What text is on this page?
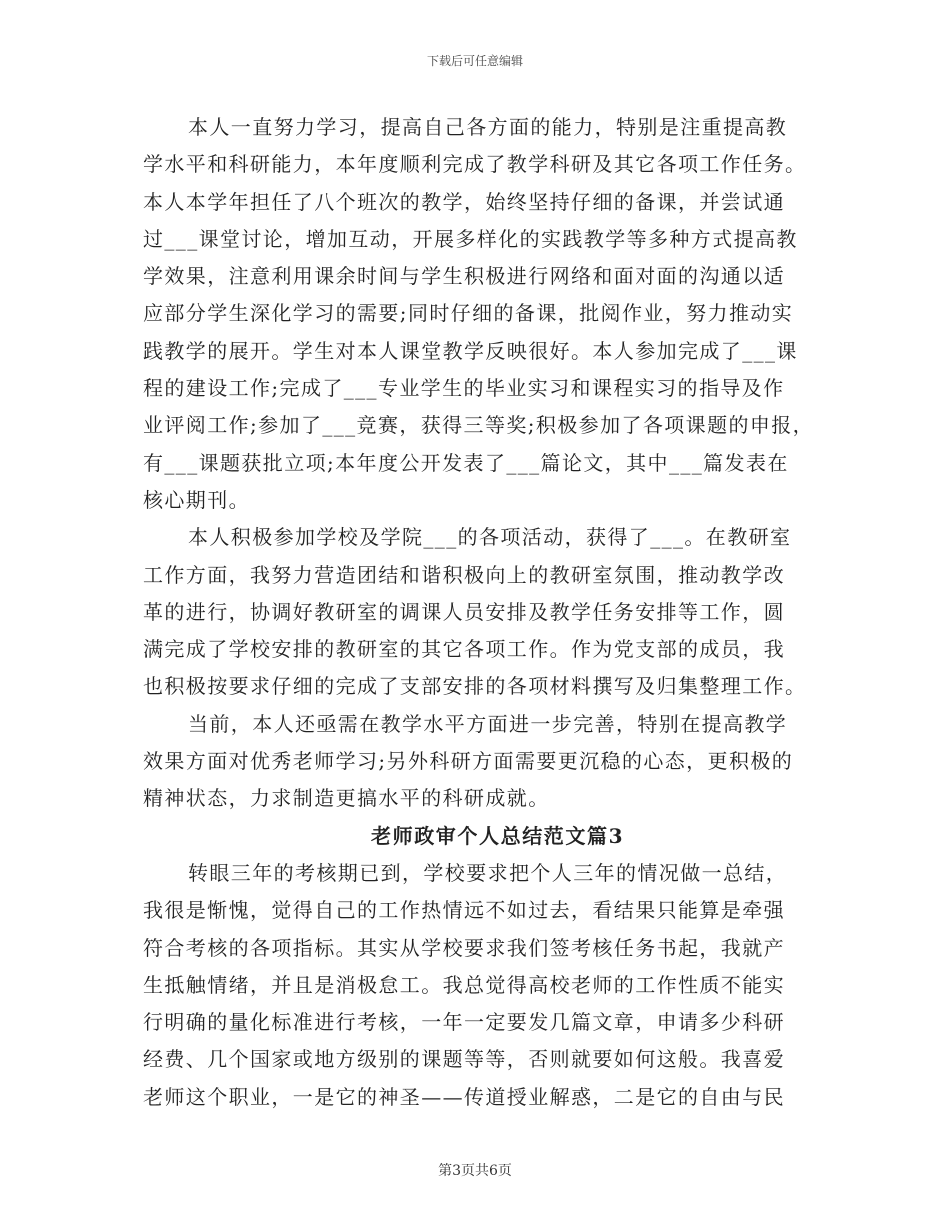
下载后可任意编辑
本人一直努力学习，提高自己各方面的能力，特别是注重提高教
学水平和科研能力，本年度顺利完成了教学科研及其它各项工作任务。
本人本学年担任了八个班次的教学，始终坚持仔细的备课，并尝试通
过___课堂讨论，增加互动，开展多样化的实践教学等多种方式提高教
学效果，注意利用课余时间与学生积极进行网络和面对面的沟通以适
应部分学生深化学习的需要;同时仔细的备课，批阅作业，努力推动实
践教学的展开。学生对本人课堂教学反映很好。本人参加完成了___课
程的建设工作;完成了___专业学生的毕业实习和课程实习的指导及作
业评阅工作;参加了___竞赛，获得三等奖;积极参加了各项课题的申报，
有___课题获批立项;本年度公开发表了___篇论文，其中___篇发表在
核心期刊。
本人积极参加学校及学院___的各项活动，获得了___。在教研室
工作方面，我努力营造团结和谐积极向上的教研室氛围，推动教学改
革的进行，协调好教研室的调课人员安排及教学任务安排等工作，圆
满完成了学校安排的教研室的其它各项工作。作为党支部的成员，我
也积极按要求仔细的完成了支部安排的各项材料撰写及归集整理工作。
当前，本人还亟需在教学水平方面进一步完善，特别在提高教学
效果方面对优秀老师学习;另外科研方面需要更沉稳的心态，更积极的
精神状态，力求制造更搞水平的科研成就。
老师政审个人总结范文篇3
转眼三年的考核期已到，学校要求把个人三年的情况做一总结，
我很是惭愧，觉得自己的工作热情远不如过去，看结果只能算是牵强
符合考核的各项指标。其实从学校要求我们签考核任务书起，我就产
生抵触情绪，并且是消极怠工。我总觉得高校老师的工作性质不能实
行明确的量化标准进行考核，一年一定要发几篇文章，申请多少科研
经费、几个国家或地方级别的课题等等，否则就要如何这般。我喜爱
老师这个职业，一是它的神圣——传道授业解惑，二是它的自由与民
第3页共6页
